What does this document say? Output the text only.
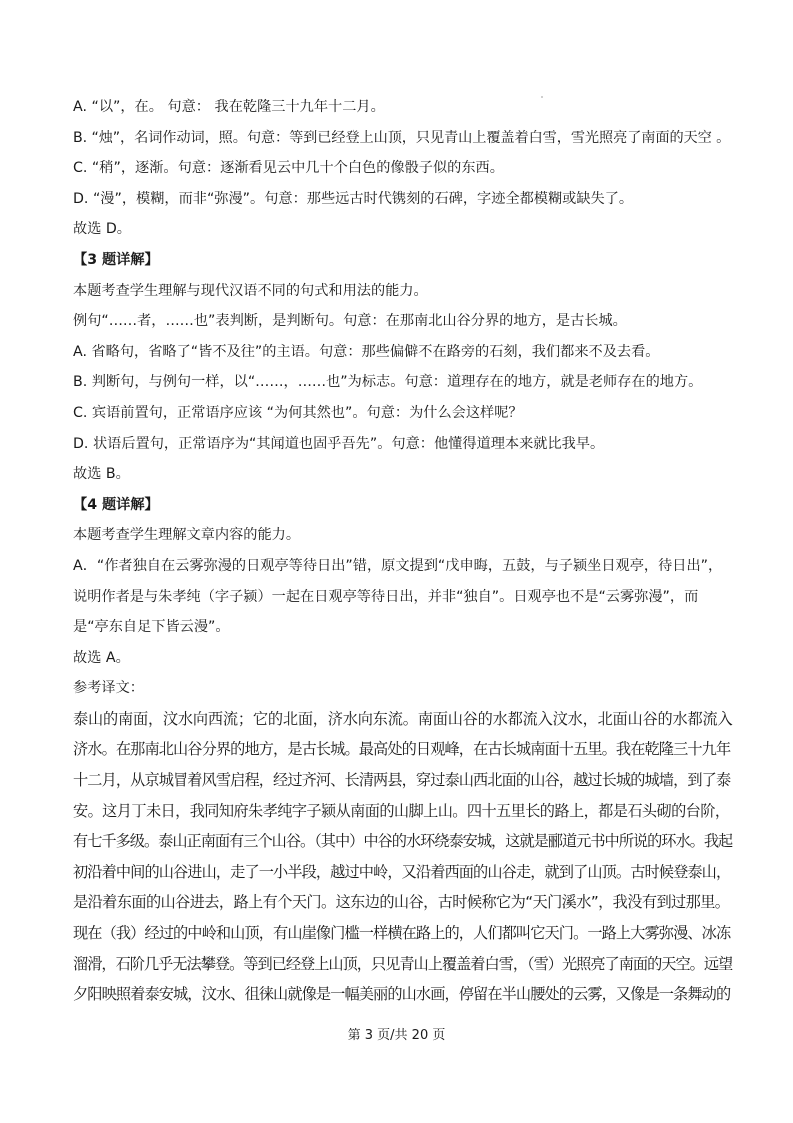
A. “以”，在。 句意： 我在乾隆三十九年十二月。

B. “烛”，名词作动词，照。句意：等到已经登上山顶，只见青山上覆盖着白雪，雪光照亮了南面的天空 。

C. “稍”，逐渐。句意：逐渐看见云中几十个白色的像骰子似的东西。

D. “漫”，模糊，而非“弥漫”。句意：那些远古时代镌刻的石碑，字迹全都模糊或缺失了。

故选 D。

【3 题详解】

本题考查学生理解与现代汉语不同的句式和用法的能力。

例句“……者，……也”表判断，是判断句。句意：在那南北山谷分界的地方，是古长城。

A. 省略句，省略了“皆不及往”的主语。句意：那些偏僻不在路旁的石刻，我们都来不及去看。

B. 判断句，与例句一样，以“……，……也”为标志。句意：道理存在的地方，就是老师存在的地方。

C. 宾语前置句，正常语序应该 “为何其然也”。句意：为什么会这样呢？

D. 状语后置句，正常语序为“其闻道也固乎吾先”。句意：他懂得道理本来就比我早。

故选 B。

【4 题详解】

本题考查学生理解文章内容的能力。

A．“作者独自在云雾弥漫的日观亭等待日出”错，原文提到“戊申晦，五鼓，与子颍坐日观亭，待日出”，

说明作者是与朱孝纯（字子颍）一起在日观亭等待日出，并非“独自”。日观亭也不是“云雾弥漫”，而

是“亭东自足下皆云漫”。

故选 A。

参考译文：

泰山的南面，汶水向西流；它的北面，济水向东流。南面山谷的水都流入汶水，北面山谷的水都流入

济水。在那南北山谷分界的地方，是古长城。最高处的日观峰，在古长城南面十五里。我在乾隆三十九年

十二月，从京城冒着风雪启程，经过齐河、长清两县，穿过泰山西北面的山谷，越过长城的城墙，到了泰

安。这月丁未日，我同知府朱孝纯字子颍从南面的山脚上山。四十五里长的路上，都是石头砌的台阶，

有七千多级。泰山正南面有三个山谷。（其中）中谷的水环绕泰安城，这就是郦道元书中所说的环水。我起

初沿着中间的山谷进山，走了一小半段，越过中岭，又沿着西面的山谷走，就到了山顶。古时候登泰山，

是沿着东面的山谷进去，路上有个天门。这东边的山谷，古时候称它为“天门溪水”，我没有到过那里。

现在（我）经过的中岭和山顶，有山崖像门槛一样横在路上的，人们都叫它天门。一路上大雾弥漫、冰冻

溜滑，石阶几乎无法攀登。等到已经登上山顶，只见青山上覆盖着白雪，（雪）光照亮了南面的天空。远望

夕阳映照着泰安城，汶水、徂徕山就像是一幅美丽的山水画，停留在半山腰处的云雾，又像是一条舞动的

第 3 页/共 20 页
